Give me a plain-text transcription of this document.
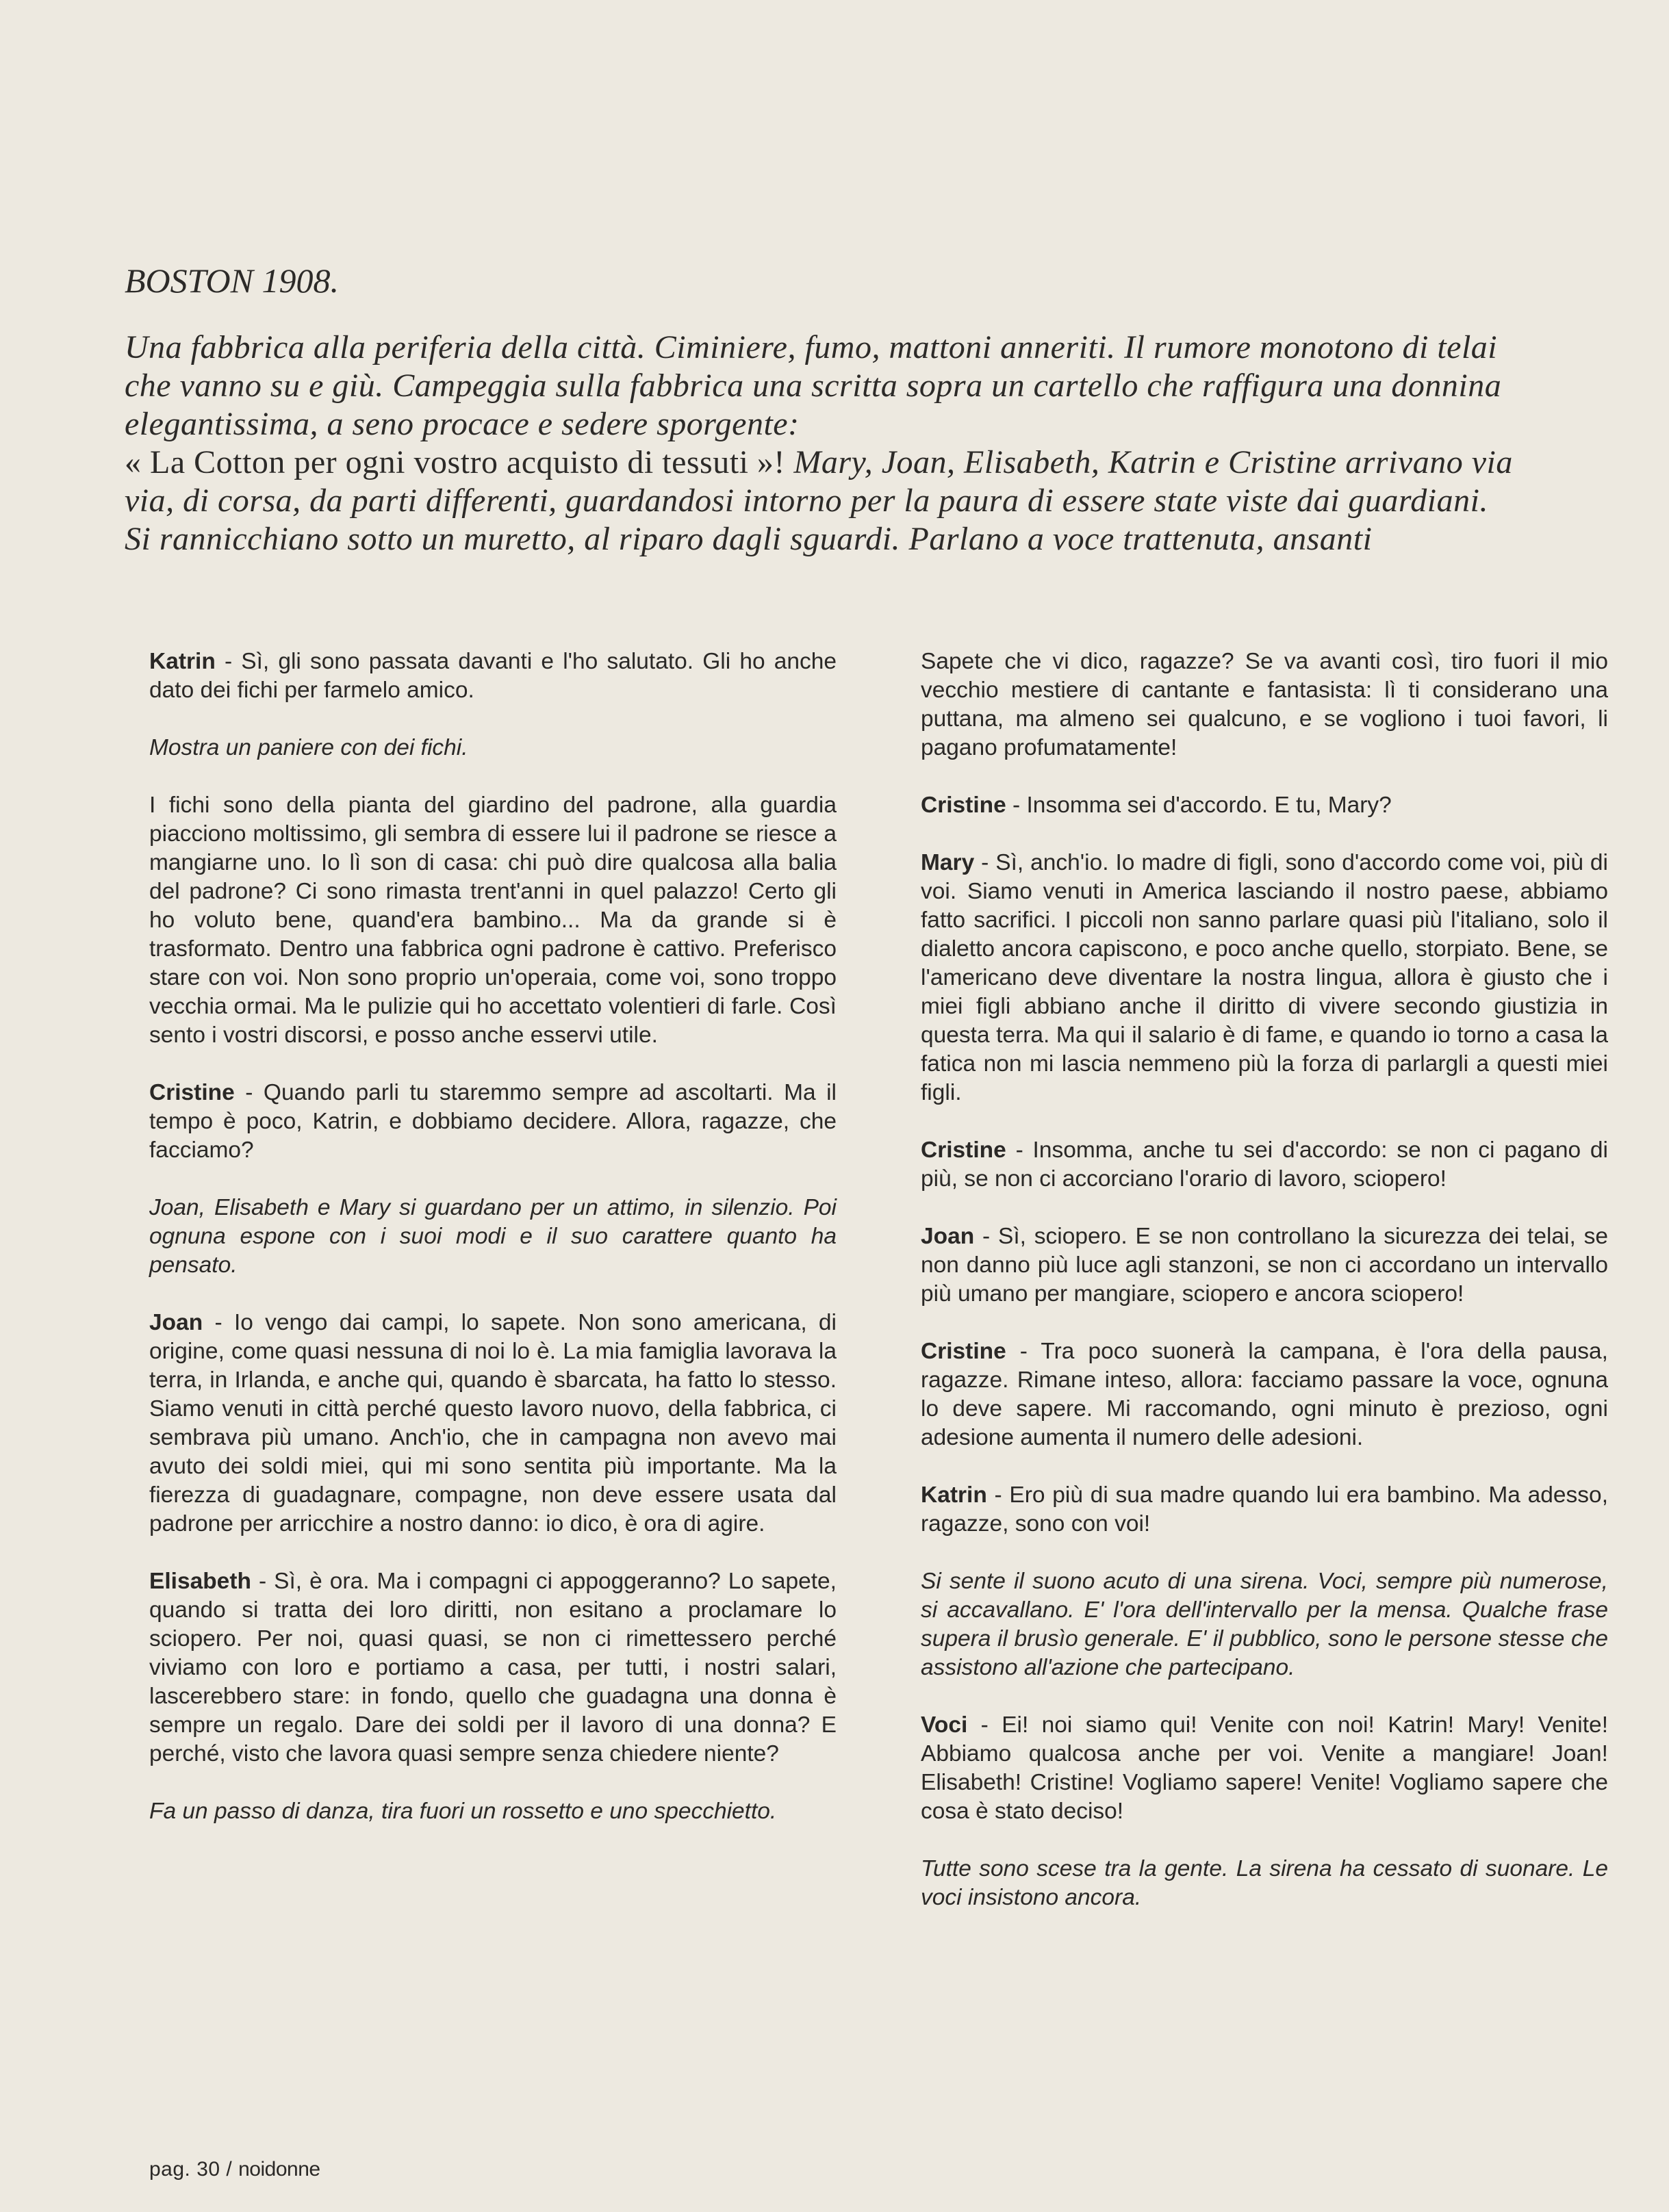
BOSTON 1908.

Una fabbrica alla periferia della città. Ciminiere, fumo, mattoni anneriti. Il rumore monotono di telai che vanno su e giù. Campeggia sulla fabbrica una scritta sopra un cartello che raffigura una donnina elegantissima, a seno procace e sedere sporgente:
« La Cotton per ogni vostro acquisto di tessuti »! Mary, Joan, Elisabeth, Katrin e Cristine arrivano via via, di corsa, da parti differenti, guardandosi intorno per la paura di essere state viste dai guardiani.

Si rannicchiano sotto un muretto, al riparo dagli sguardi. Parlano a voce trattenuta, ansanti

Katrin - Sì, gli sono passata davanti e l'ho salutato. Gli ho anche dato dei fichi per farmelo amico.

Mostra un paniere con dei fichi.

I fichi sono della pianta del giardino del padrone, alla guardia piacciono moltissimo, gli sembra di essere lui il padrone se riesce a mangiarne uno. Io lì son di casa: chi può dire qualcosa alla balia del padrone? Ci sono rimasta trent'anni in quel palazzo! Certo gli ho voluto bene, quand'era bambino... Ma da grande si è trasformato. Dentro una fabbrica ogni padrone è cattivo. Preferisco stare con voi. Non sono proprio un'operaia, come voi, sono troppo vecchia ormai. Ma le pulizie qui ho accettato volentieri di farle. Così sento i vostri discorsi, e posso anche esservi utile.

Cristine - Quando parli tu staremmo sempre ad ascoltarti. Ma il tempo è poco, Katrin, e dobbiamo decidere. Allora, ragazze, che facciamo?

Joan, Elisabeth e Mary si guardano per un attimo, in silenzio. Poi ognuna espone con i suoi modi e il suo carattere quanto ha pensato.

Joan - Io vengo dai campi, lo sapete. Non sono americana, di origine, come quasi nessuna di noi lo è. La mia famiglia lavorava la terra, in Irlanda, e anche qui, quando è sbarcata, ha fatto lo stesso. Siamo venuti in città perché questo lavoro nuovo, della fabbrica, ci sembrava più umano. Anch'io, che in campagna non avevo mai avuto dei soldi miei, qui mi sono sentita più importante. Ma la fierezza di guadagnare, compagne, non deve essere usata dal padrone per arricchire a nostro danno: io dico, è ora di agire.

Elisabeth - Sì, è ora. Ma i compagni ci appoggeranno? Lo sapete, quando si tratta dei loro diritti, non esitano a proclamare lo sciopero. Per noi, quasi quasi, se non ci rimettessero perché viviamo con loro e portiamo a casa, per tutti, i nostri salari, lascerebbero stare: in fondo, quello che guadagna una donna è sempre un regalo. Dare dei soldi per il lavoro di una donna? E perché, visto che lavora quasi sempre senza chiedere niente?

Fa un passo di danza, tira fuori un rossetto e uno specchietto.

Sapete che vi dico, ragazze? Se va avanti così, tiro fuori il mio vecchio mestiere di cantante e fantasista: lì ti considerano una puttana, ma almeno sei qualcuno, e se vogliono i tuoi favori, li pagano profumatamente!

Cristine - Insomma sei d'accordo. E tu, Mary?

Mary - Sì, anch'io. Io madre di figli, sono d'accordo come voi, più di voi. Siamo venuti in America lasciando il nostro paese, abbiamo fatto sacrifici. I piccoli non sanno parlare quasi più l'italiano, solo il dialetto ancora capiscono, e poco anche quello, storpiato. Bene, se l'americano deve diventare la nostra lingua, allora è giusto che i miei figli abbiano anche il diritto di vivere secondo giustizia in questa terra. Ma qui il salario è di fame, e quando io torno a casa la fatica non mi lascia nemmeno più la forza di parlargli a questi miei figli.

Cristine - Insomma, anche tu sei d'accordo: se non ci pagano di più, se non ci accorciano l'orario di lavoro, sciopero!

Joan - Sì, sciopero. E se non controllano la sicurezza dei telai, se non danno più luce agli stanzoni, se non ci accordano un intervallo più umano per mangiare, sciopero e ancora sciopero!

Cristine - Tra poco suonerà la campana, è l'ora della pausa, ragazze. Rimane inteso, allora: facciamo passare la voce, ognuna lo deve sapere. Mi raccomando, ogni minuto è prezioso, ogni adesione aumenta il numero delle adesioni.

Katrin - Ero più di sua madre quando lui era bambino. Ma adesso, ragazze, sono con voi!

Si sente il suono acuto di una sirena. Voci, sempre più numerose, si accavallano. E' l'ora dell'intervallo per la mensa. Qualche frase supera il brusìo generale. E' il pubblico, sono le persone stesse che assistono all'azione che partecipano.

Voci - Ei! noi siamo qui! Venite con noi! Katrin! Mary! Venite! Abbiamo qualcosa anche per voi. Venite a mangiare! Joan! Elisabeth! Cristine! Vogliamo sapere! Venite! Vogliamo sapere che cosa è stato deciso!

Tutte sono scese tra la gente. La sirena ha cessato di suonare. Le voci insistono ancora.

pag. 30 / noidonne
